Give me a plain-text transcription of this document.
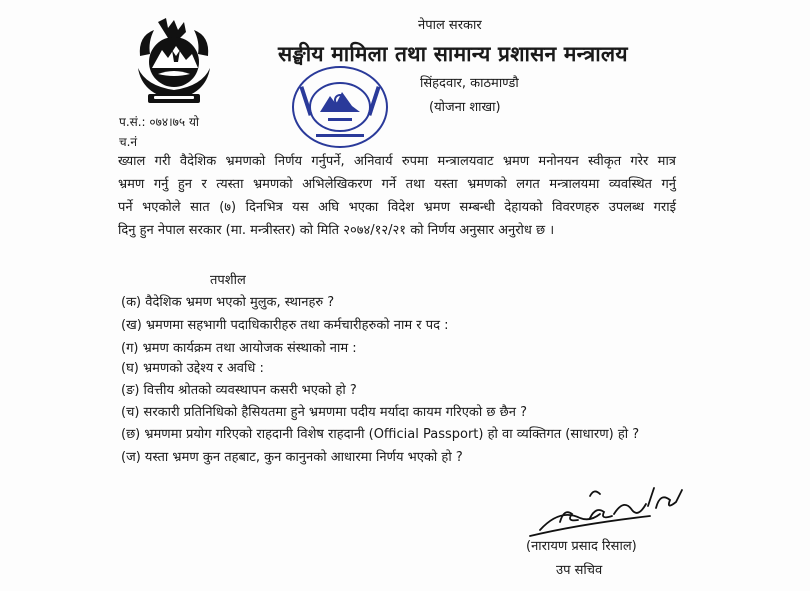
नेपाल सरकार
सङ्घीय मामिला तथा सामान्य प्रशासन मन्त्रालय
सिंहदवार, काठमाण्डौ
(योजना शाखा)
प.सं.: ०७४।७५ यो
च.नं
ख्याल गरी वैदेशिक भ्रमणको निर्णय गर्नुपर्ने, अनिवार्य रुपमा मन्त्रालयवाट भ्रमण मनोनयन स्वीकृत गरेर मात्र
भ्रमण गर्नु हुन र त्यस्ता भ्रमणको अभिलेखिकरण गर्ने तथा यस्ता भ्रमणको लगत मन्त्रालयमा व्यवस्थित गर्नु
पर्ने भएकोले सात (७) दिनभित्र यस अघि भएका विदेश भ्रमण सम्बन्धी देहायको विवरणहरु उपलब्ध गराई
दिनु हुन नेपाल सरकार (मा. मन्त्रीस्तर) को मिति २०७४/१२/२१ को निर्णय अनुसार अनुरोध छ ।
तपशील
(क) वैदेशिक भ्रमण भएको मुलुक, स्थानहरु ?
(ख) भ्रमणमा सहभागी पदाधिकारीहरु तथा कर्मचारीहरुको नाम र पद :
(ग) भ्रमण कार्यक्रम तथा आयोजक संस्थाको नाम :
(घ) भ्रमणको उद्देश्य र अवधि :
(ङ) वित्तीय श्रोतको व्यवस्थापन कसरी भएको हो ?
(च) सरकारी प्रतिनिधिको हैसियतमा हुने भ्रमणमा पदीय मर्यादा कायम गरिएको छ छैन ?
(छ) भ्रमणमा प्रयोग गरिएको राहदानी विशेष राहदानी (Official Passport) हो वा व्यक्तिगत (साधारण) हो ?
(ज) यस्ता भ्रमण कुन तहबाट, कुन कानुनको आधारमा निर्णय भएको हो ?
(नारायण प्रसाद रिसाल)
उप सचिव
